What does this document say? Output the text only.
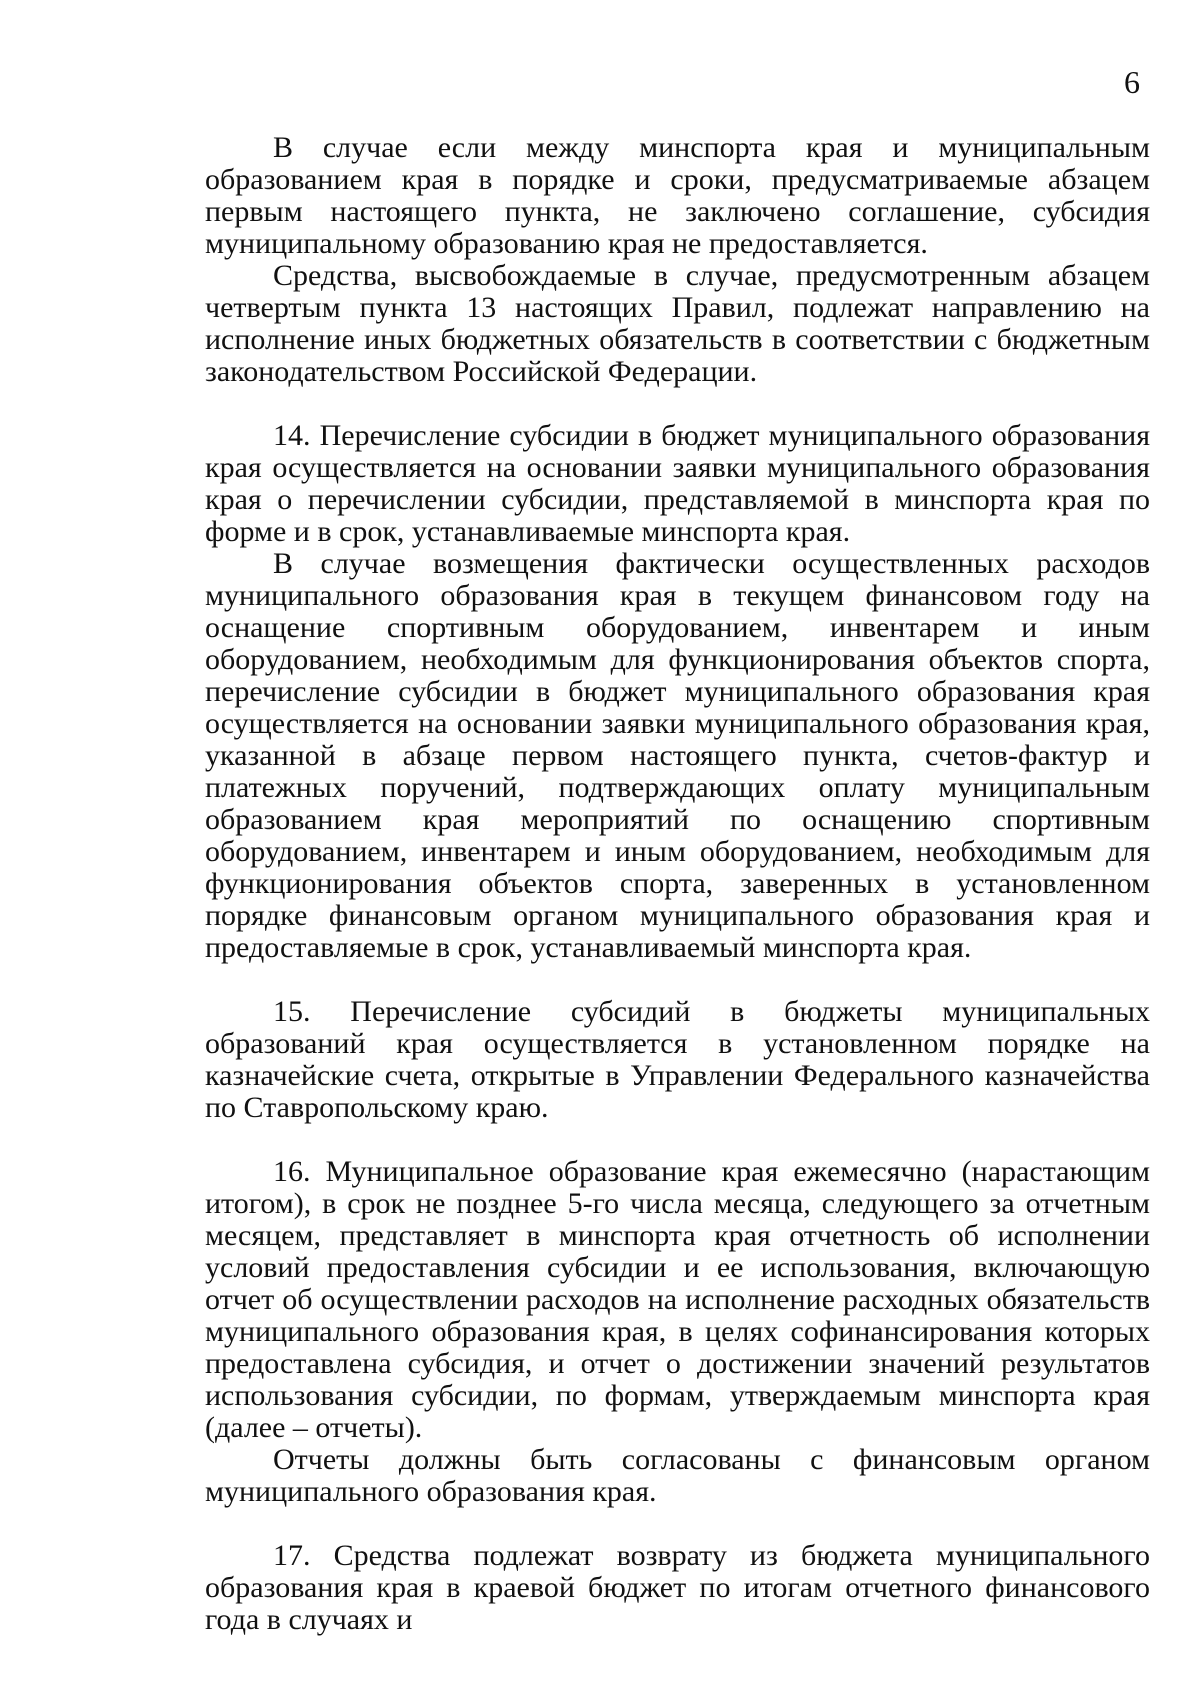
6

В случае если между минспорта края и муниципальным образованием края в порядке и сроки, предусматриваемые абзацем первым настоящего пункта, не заключено соглашение, субсидия муниципальному образованию края не предоставляется.

Средства, высвобождаемые в случае, предусмотренным абзацем четвертым пункта 13 настоящих Правил, подлежат направлению на исполнение иных бюджетных обязательств в соответствии с бюджетным законодательством Российской Федерации.

14. Перечисление субсидии в бюджет муниципального образования края осуществляется на основании заявки муниципального образования края о перечислении субсидии, представляемой в минспорта края по форме и в срок, устанавливаемые минспорта края.

В случае возмещения фактически осуществленных расходов муниципального образования края в текущем финансовом году на оснащение спортивным оборудованием, инвентарем и иным оборудованием, необходимым для функционирования объектов спорта, перечисление субсидии в бюджет муниципального образования края осуществляется на основании заявки муниципального образования края, указанной в абзаце первом настоящего пункта, счетов-фактур и платежных поручений, подтверждающих оплату муниципальным образованием края мероприятий по оснащению спортивным оборудованием, инвентарем и иным оборудованием, необходимым для функционирования объектов спорта, заверенных в установленном порядке финансовым органом муниципального образования края и предоставляемые в срок, устанавливаемый минспорта края.

15. Перечисление субсидий в бюджеты муниципальных образований края осуществляется в установленном порядке на казначейские счета, открытые в Управлении Федерального казначейства по Ставропольскому краю.

16. Муниципальное образование края ежемесячно (нарастающим итогом), в срок не позднее 5-го числа месяца, следующего за отчетным месяцем, представляет в минспорта края отчетность об исполнении условий предоставления субсидии и ее использования, включающую отчет об осуществлении расходов на исполнение расходных обязательств муниципального образования края, в целях софинансирования которых предоставлена субсидия, и отчет о достижении значений результатов использования субсидии, по формам, утверждаемым минспорта края (далее – отчеты).

Отчеты должны быть согласованы с финансовым органом муниципального образования края.

17. Средства подлежат возврату из бюджета муниципального образования края в краевой бюджет по итогам отчетного финансового года в случаях и
